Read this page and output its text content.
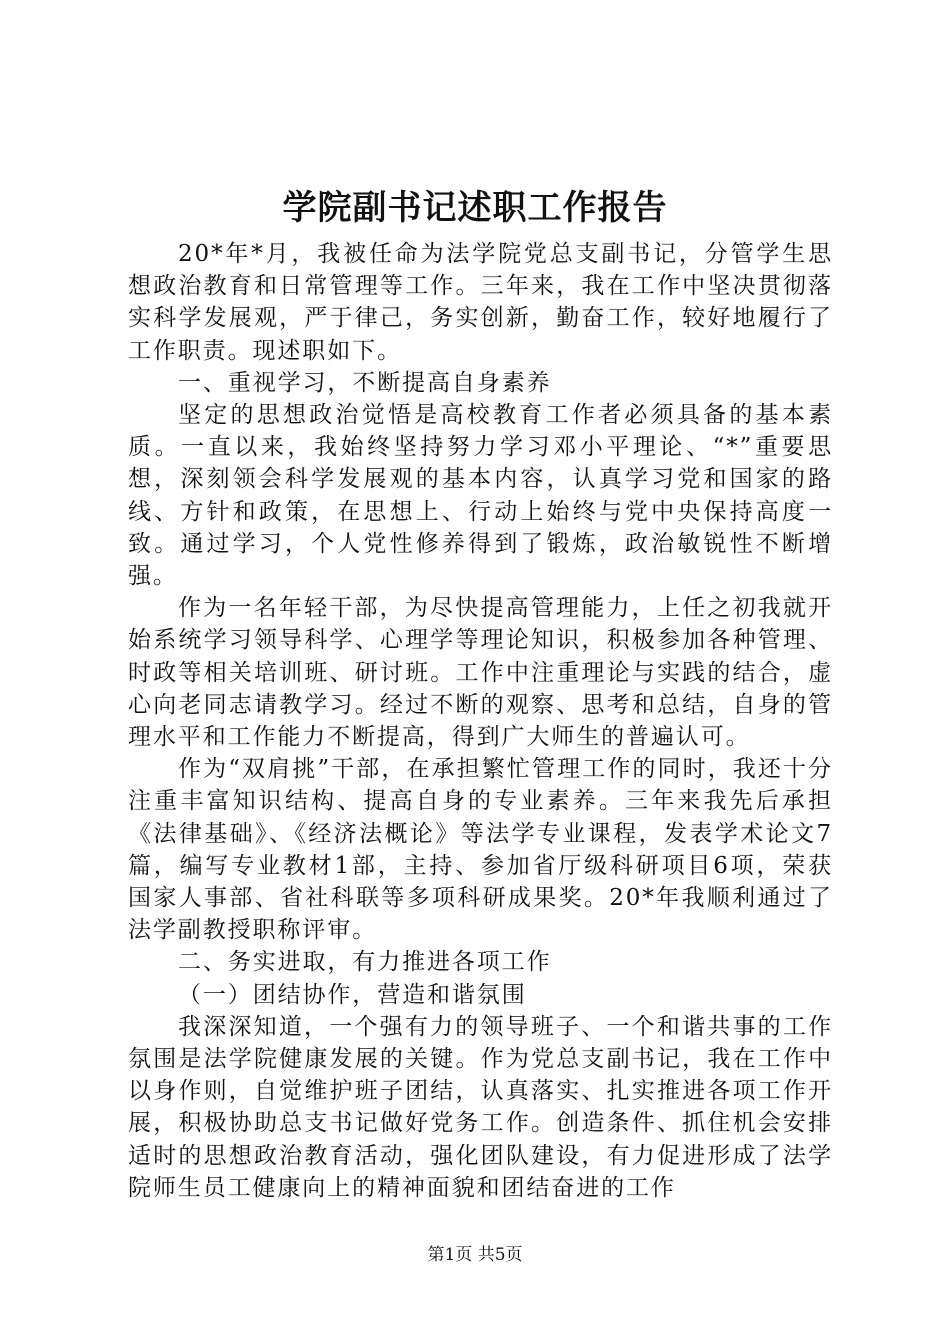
学院副书记述职工作报告

20*年*月，我被任命为法学院党总支副书记，分管学生思想政治教育和日常管理等工作。三年来，我在工作中坚决贯彻落实科学发展观，严于律己，务实创新，勤奋工作，较好地履行了工作职责。现述职如下。

一、重视学习，不断提高自身素养

坚定的思想政治觉悟是高校教育工作者必须具备的基本素质。一直以来，我始终坚持努力学习邓小平理论、“*”重要思想，深刻领会科学发展观的基本内容，认真学习党和国家的路线、方针和政策，在思想上、行动上始终与党中央保持高度一致。通过学习，个人党性修养得到了锻炼，政治敏锐性不断增强。

作为一名年轻干部，为尽快提高管理能力，上任之初我就开始系统学习领导科学、心理学等理论知识，积极参加各种管理、时政等相关培训班、研讨班。工作中注重理论与实践的结合，虚心向老同志请教学习。经过不断的观察、思考和总结，自身的管理水平和工作能力不断提高，得到广大师生的普遍认可。

作为“双肩挑”干部，在承担繁忙管理工作的同时，我还十分注重丰富知识结构、提高自身的专业素养。三年来我先后承担《法律基础》、《经济法概论》等法学专业课程，发表学术论文7篇，编写专业教材1部，主持、参加省厅级科研项目6项，荣获国家人事部、省社科联等多项科研成果奖。20*年我顺利通过了法学副教授职称评审。

二、务实进取，有力推进各项工作

（一）团结协作，营造和谐氛围

我深深知道，一个强有力的领导班子、一个和谐共事的工作氛围是法学院健康发展的关键。作为党总支副书记，我在工作中以身作则，自觉维护班子团结，认真落实、扎实推进各项工作开展，积极协助总支书记做好党务工作。创造条件、抓住机会安排适时的思想政治教育活动，强化团队建设，有力促进形成了法学院师生员工健康向上的精神面貌和团结奋进的工作

第1页 共5页
